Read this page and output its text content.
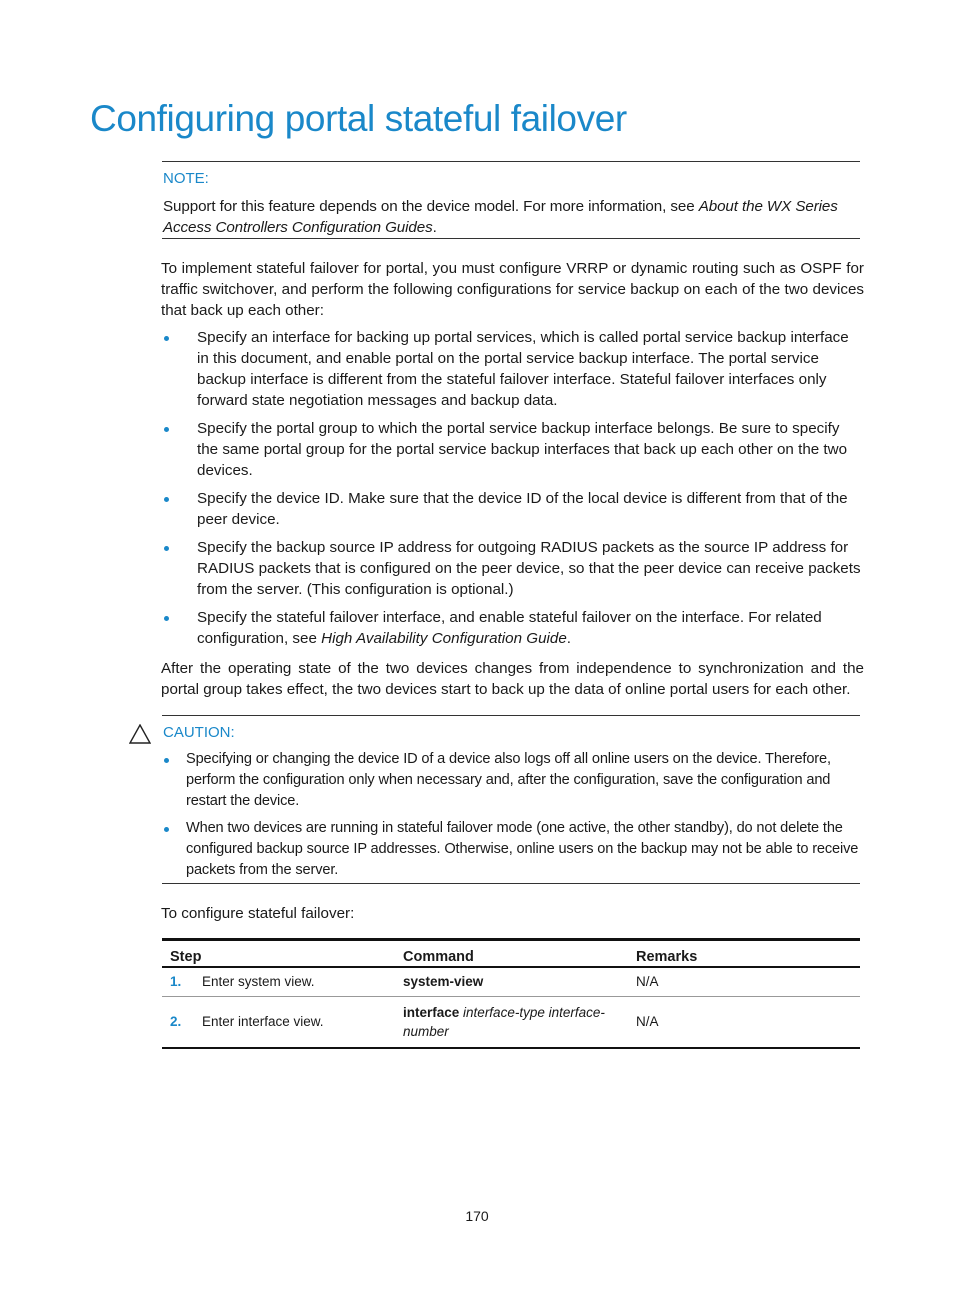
Configuring portal stateful failover
NOTE:

Support for this feature depends on the device model. For more information, see About the WX Series Access Controllers Configuration Guides.

To implement stateful failover for portal, you must configure VRRP or dynamic routing such as OSPF for traffic switchover, and perform the following configurations for service backup on each of the two devices that back up each other:

Specify an interface for backing up portal services, which is called portal service backup interface in this document, and enable portal on the portal service backup interface. The portal service backup interface is different from the stateful failover interface. Stateful failover interfaces only forward state negotiation messages and backup data.
Specify the portal group to which the portal service backup interface belongs. Be sure to specify the same portal group for the portal service backup interfaces that back up each other on the two devices.
Specify the device ID. Make sure that the device ID of the local device is different from that of the peer device.
Specify the backup source IP address for outgoing RADIUS packets as the source IP address for RADIUS packets that is configured on the peer device, so that the peer device can receive packets from the server. (This configuration is optional.)
Specify the stateful failover interface, and enable stateful failover on the interface. For related configuration, see High Availability Configuration Guide.

After the operating state of the two devices changes from independence to synchronization and the portal group takes effect, the two devices start to back up the data of online portal users for each other.

CAUTION:
Specifying or changing the device ID of a device also logs off all online users on the device. Therefore, perform the configuration only when necessary and, after the configuration, save the configuration and restart the device.
When two devices are running in stateful failover mode (one active, the other standby), do not delete the configured backup source IP addresses. Otherwise, online users on the backup may not be able to receive packets from the server.

To configure stateful failover:

Step	Command	Remarks
1. Enter system view.	system-view	N/A
2. Enter interface view.	interface interface-type interface-number	N/A
170
